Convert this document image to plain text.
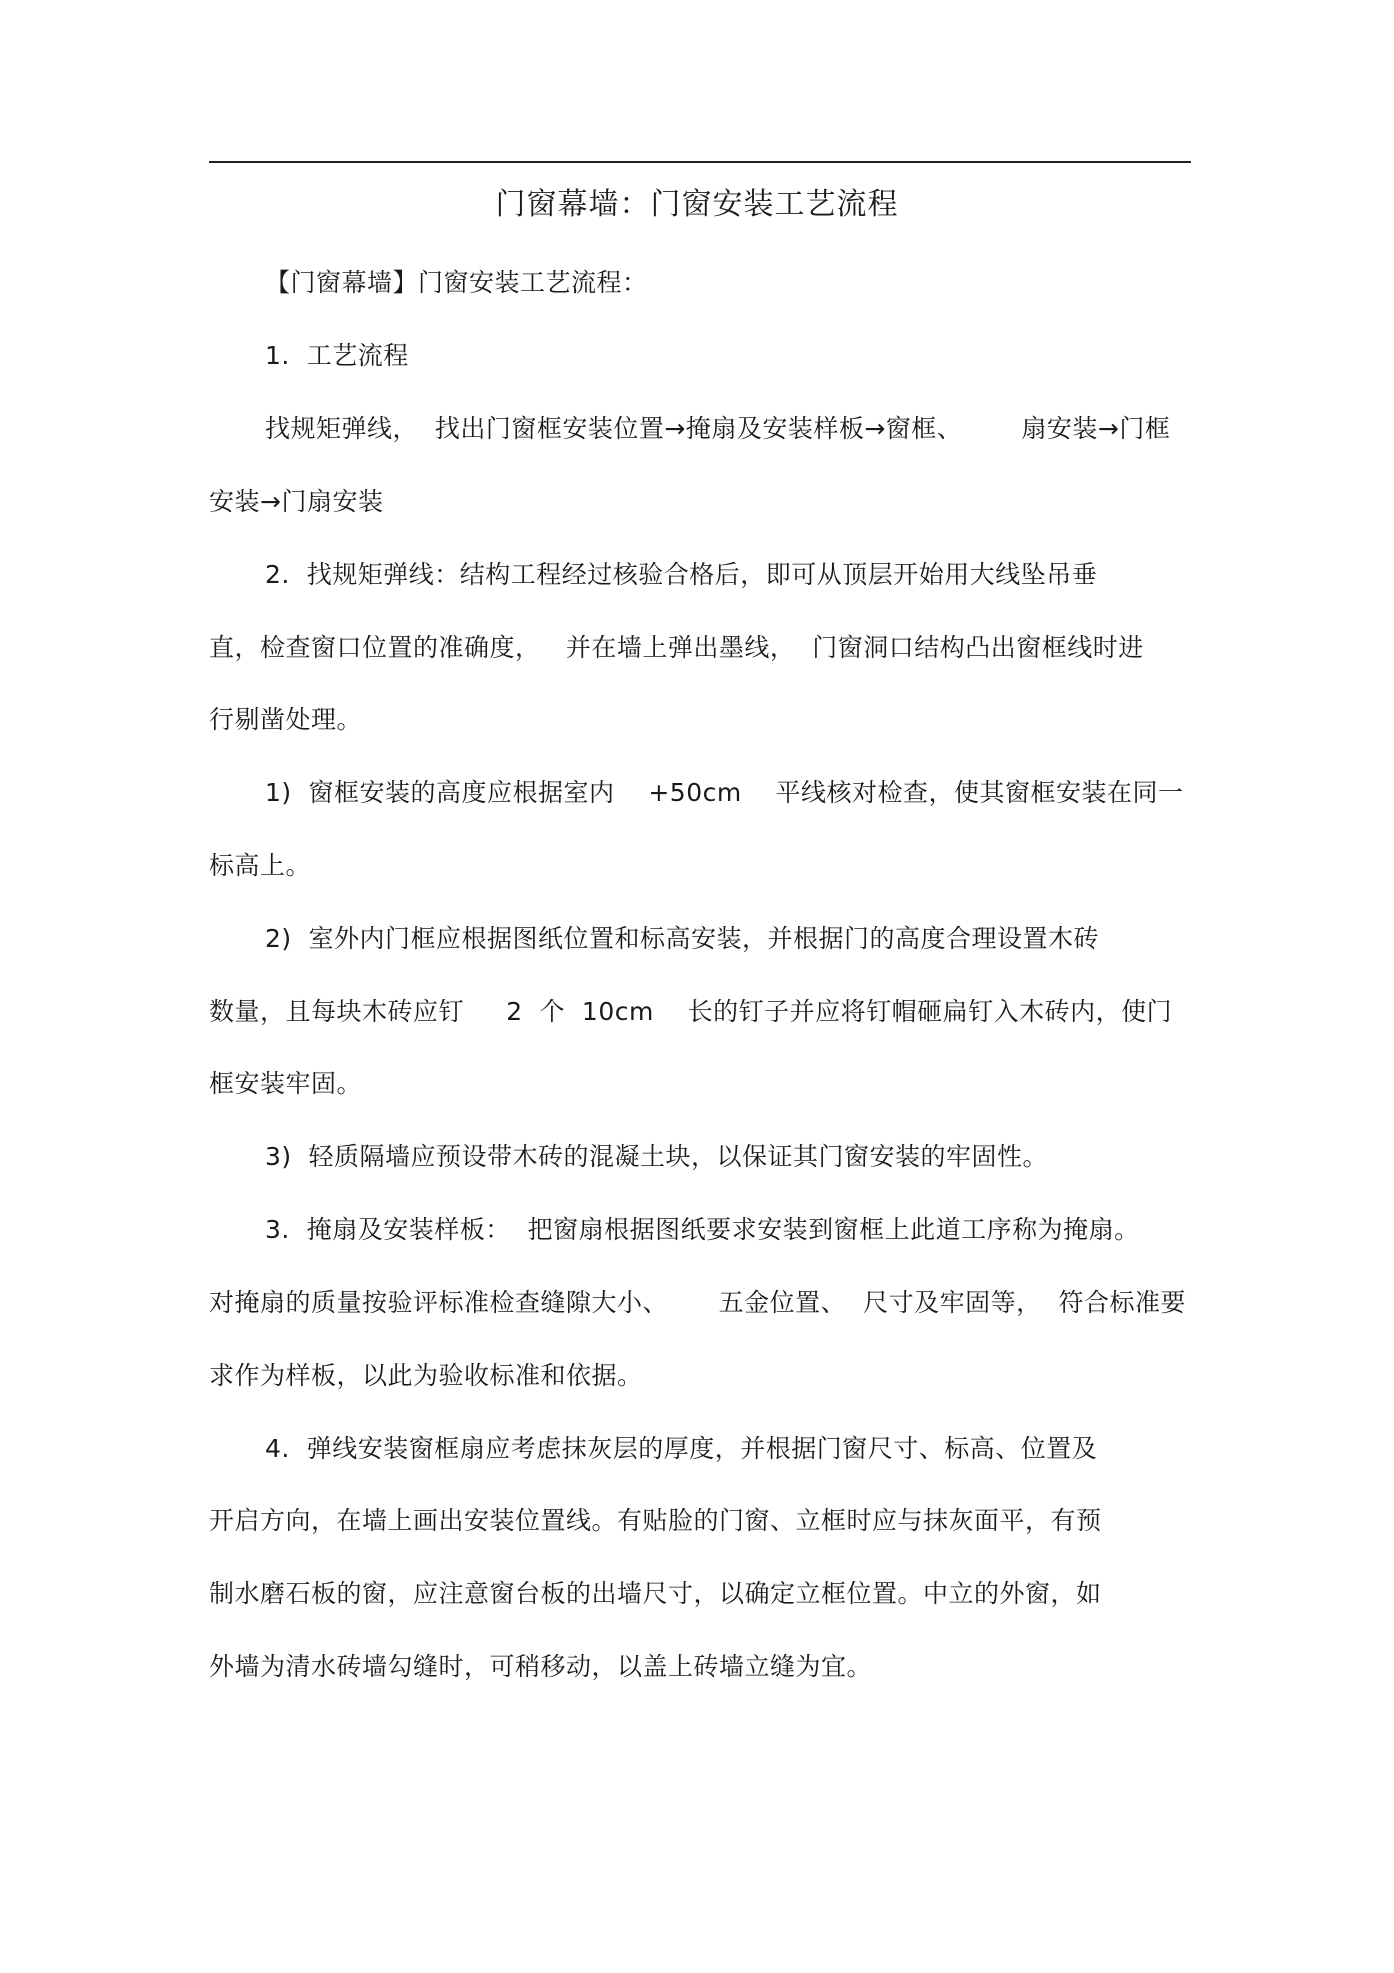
门窗幕墙：门窗安装工艺流程
【门窗幕墙】门窗安装工艺流程：
1.  工艺流程
找规矩弹线，  找出门窗框安装位置→掩扇及安装样板→窗框、       扇安装→门框
安装→门扇安装
2.  找规矩弹线：结构工程经过核验合格后，即可从顶层开始用大线坠吊垂
直，检查窗口位置的准确度，   并在墙上弹出墨线，  门窗洞口结构凸出窗框线时进
行剔凿处理。
1)  窗框安装的高度应根据室内    +50cm    平线核对检查，使其窗框安装在同一
标高上。
2)  室外内门框应根据图纸位置和标高安装，并根据门的高度合理设置木砖
数量，且每块木砖应钉     2  个  10cm    长的钉子并应将钉帽砸扁钉入木砖内，使门
框安装牢固。
3)  轻质隔墙应预设带木砖的混凝土块，以保证其门窗安装的牢固性。
3.  掩扇及安装样板：  把窗扇根据图纸要求安装到窗框上此道工序称为掩扇。
对掩扇的质量按验评标准检查缝隙大小、      五金位置、  尺寸及牢固等，  符合标准要
求作为样板，以此为验收标准和依据。
4.  弹线安装窗框扇应考虑抹灰层的厚度，并根据门窗尺寸、标高、位置及
开启方向，在墙上画出安装位置线。有贴脸的门窗、立框时应与抹灰面平，有预
制水磨石板的窗，应注意窗台板的出墙尺寸，以确定立框位置。中立的外窗，如
外墙为清水砖墙勾缝时，可稍移动，以盖上砖墙立缝为宜。
